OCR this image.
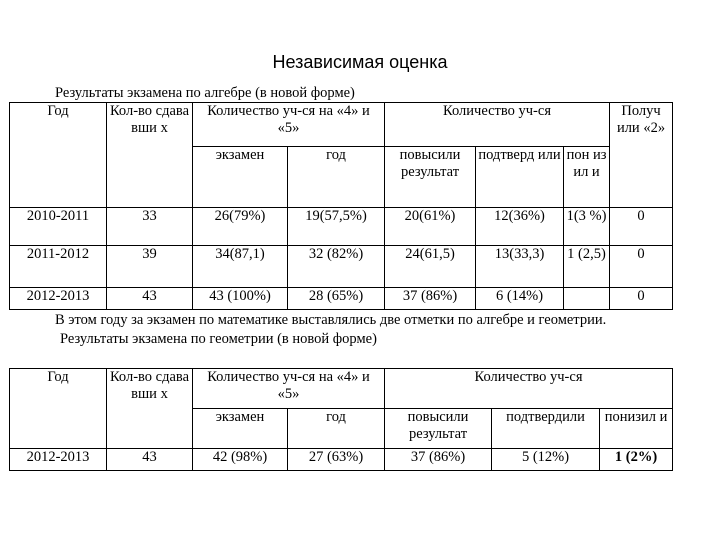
Независимая оценка
Результаты экзамена по алгебре (в новой форме)
Год	Кол-во сдававши х	Количество уч-ся на «4» и «5»		Количество уч-ся			Получ или «2»
		экзамен	год	повысили результат	подтверд или	пон изил и	
2010-2011	33	26(79%)	19(57,5%)	20(61%)	12(36%)	1(3 %)	0
2011-2012	39	34(87,1)	32 (82%)	24(61,5)	13(33,3)	1 (2,5)	0
2012-2013	43	43 (100%)	28 (65%)	37 (86%)	6 (14%)		0
В этом году за экзамен по математике выставлялись две отметки по алгебре и геометрии.
Результаты экзамена по геометрии (в новой форме)
Год	Кол-во сдававши х	Количество уч-ся на «4» и «5»		Количество уч-ся		
		экзамен	год	повысили результат	подтвердили	понизил и
2012-2013	43	42 (98%)	27 (63%)	37 (86%)	5 (12%)	1 (2%)
